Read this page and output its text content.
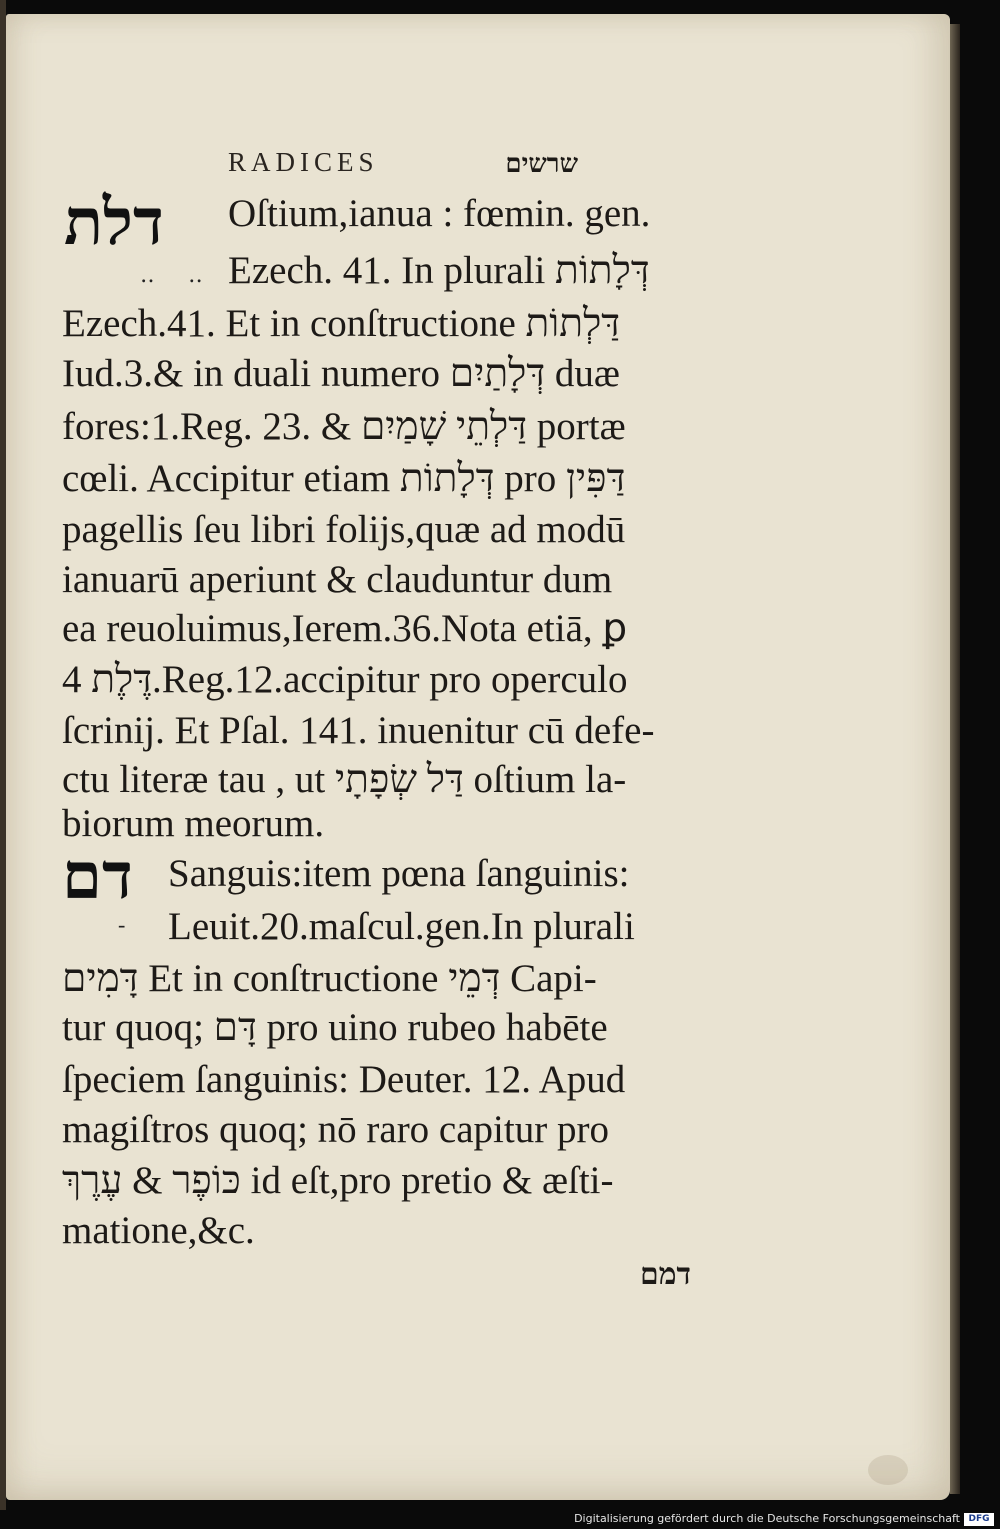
RADICES	שרשים
דלת
‥ ‥
Oſtium,ianua : fœmin. gen.
Ezech. 41. In plurali דְּלָתוֹת
Ezech.41. Et in conſtructione דַּלְתוֹת
Iud.3.& in duali numero דְּלָתַיִם duæ
fores:1.Reg. 23. & דַּלְתֵי שָׁמַיִם portæ
cœli. Accipitur etiam דְּלָתוֹת pro דַּפִּין
pagellis ſeu libri folijs,quæ ad modū
ianuarū aperiunt & clauduntur dum
ea reuoluimus,Ierem.36.Nota etiā, ꝑ
דֶּלֶת 4.Reg.12.accipitur pro operculo
ſcrinij. Et Pſal. 141. inuenitur cū defe-
ctu literæ tau , ut דַּל שְׂפָתָי oſtium la-
biorum meorum.
דם
-
Sanguis:item pœna ſanguinis:
Leuit.20.maſcul.gen.In plurali
דָּמִים Et in conſtructione דְּמֵי Capi-
tur quoq; דָּם pro uino rubeo habēte
ſpeciem ſanguinis: Deuter. 12. Apud
magiſtros quoq; nō raro capitur pro
כּוֹפֶר & עֶרֶךְ id eſt,pro pretio & æſti-
matione,&c.
דמם
Digitalisierung gefördert durch die Deutsche Forschungsgemeinschaft DFG
